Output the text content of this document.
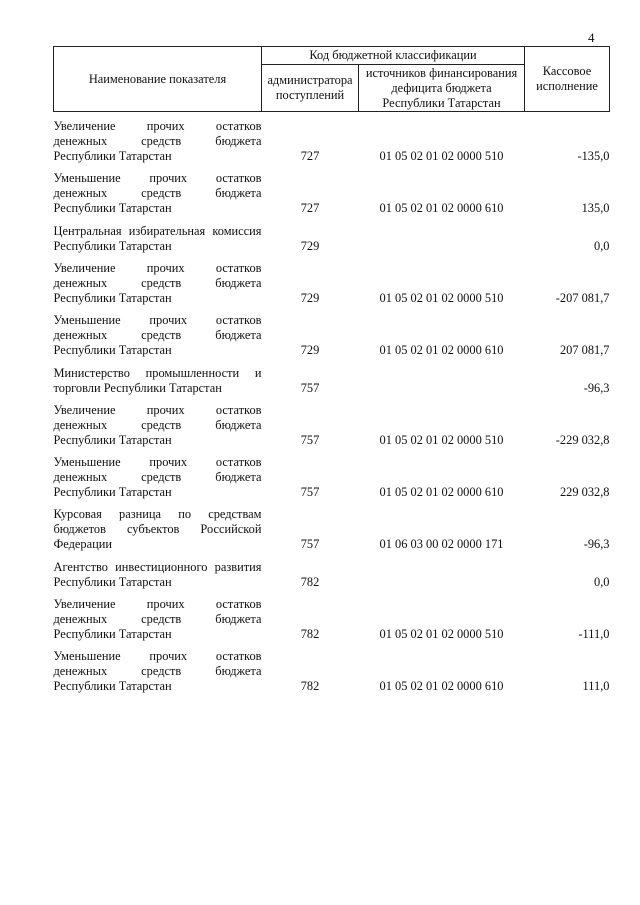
4
Наименование показателя	Код бюджетной классификации		Кассовое исполнение
	администратора поступлений	источников финансирования дефицита бюджета Республики Татарстан	
Увеличение прочих остатков денежных средств бюджета Республики Татарстан	727	01 05 02 01 02 0000 510	-135,0
Уменьшение прочих остатков денежных средств бюджета Республики Татарстан	727	01 05 02 01 02 0000 610	135,0
Центральная избирательная комиссия Республики Татарстан	729		0,0
Увеличение прочих остатков денежных средств бюджета Республики Татарстан	729	01 05 02 01 02 0000 510	-207 081,7
Уменьшение прочих остатков денежных средств бюджета Республики Татарстан	729	01 05 02 01 02 0000 610	207 081,7
Министерство промышленности и торговли Республики Татарстан	757		-96,3
Увеличение прочих остатков денежных средств бюджета Республики Татарстан	757	01 05 02 01 02 0000 510	-229 032,8
Уменьшение прочих остатков денежных средств бюджета Республики Татарстан	757	01 05 02 01 02 0000 610	229 032,8
Курсовая разница по средствам бюджетов субъектов Российской Федерации	757	01 06 03 00 02 0000 171	-96,3
Агентство инвестиционного развития Республики Татарстан	782		0,0
Увеличение прочих остатков денежных средств бюджета Республики Татарстан	782	01 05 02 01 02 0000 510	-111,0
Уменьшение прочих остатков денежных средств бюджета Республики Татарстан	782	01 05 02 01 02 0000 610	111,0
